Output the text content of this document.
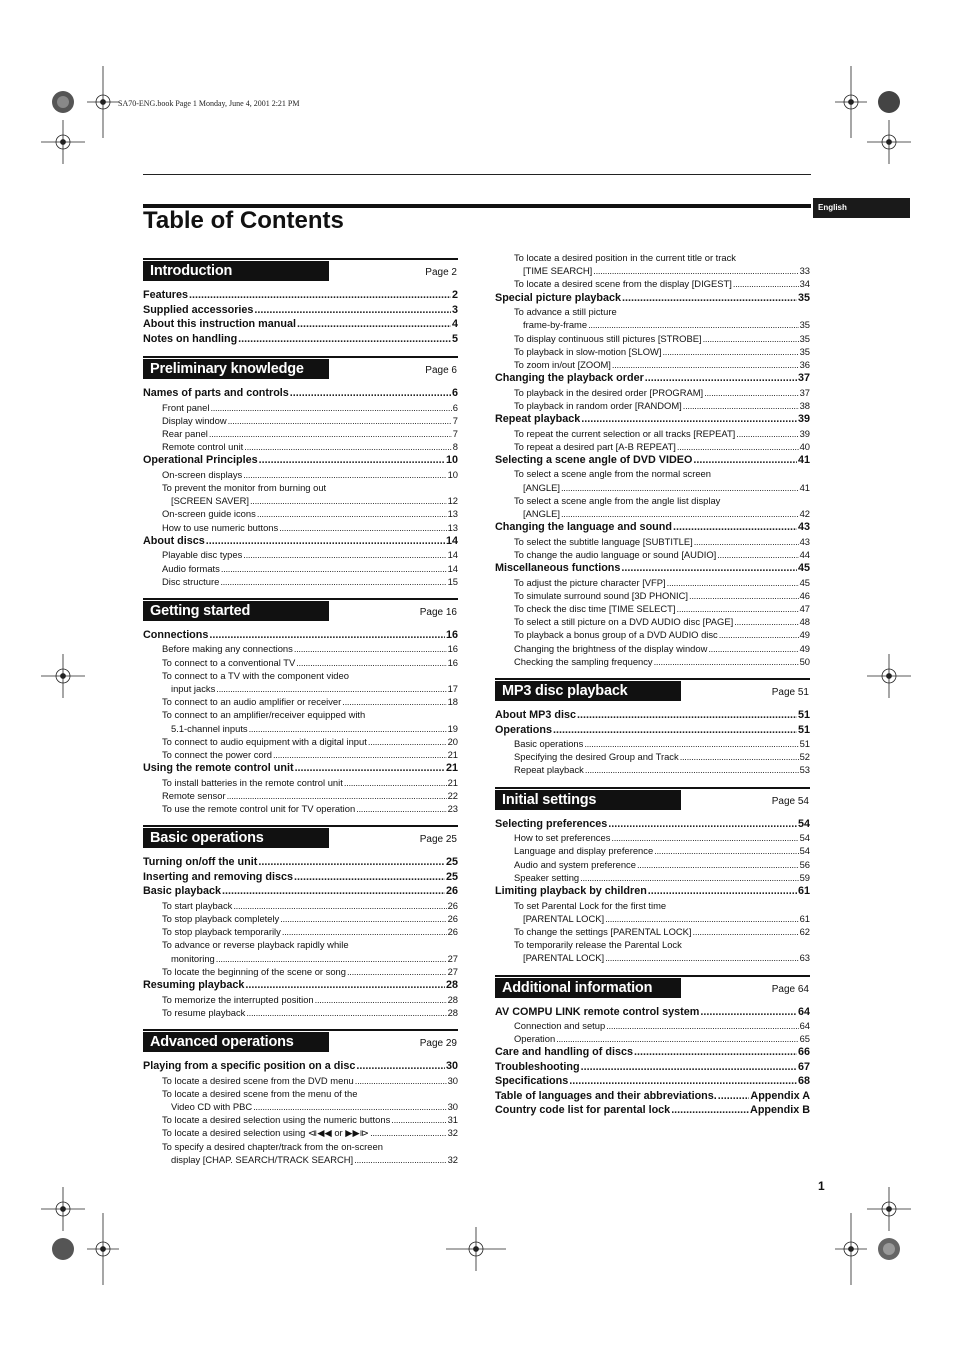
SA70-ENG.book Page 1 Monday, June 4, 2001 2:21 PM
English
Table of Contents
Introduction	Page 2
Features .....	2
Supplied accessories .....	3
About this instruction manual .....	4
Notes on handling .....	5
Preliminary knowledge	Page 6
Names of parts and controls .....	6
Front panel .....	6
Display window .....	7
Rear panel .....	7
Remote control unit .....	8
Operational Principles .....	10
On-screen displays .....	10
To prevent the monitor from burning out
[SCREEN SAVER] .....	12
On-screen guide icons .....	13
How to use numeric buttons .....	13
About discs .....	14
Playable disc types .....	14
Audio formats .....	14
Disc structure .....	15
Getting started	Page 16
Connections .....	16
Before making any connections .....	16
To connect to a conventional TV .....	16
To connect to a TV with the component video
input jacks .....	17
To connect to an audio amplifier or receiver .....	18
To connect to an amplifier/receiver equipped with
5.1-channel inputs .....	19
To connect to audio equipment with a digital input .....	20
To connect the power cord .....	21
Using the remote control unit .....	21
To install batteries in the remote control unit .....	21
Remote sensor .....	22
To use the remote control unit for TV operation .....	23
Basic operations	Page 25
Turning on/off the unit .....	25
Inserting and removing discs .....	25
Basic playback .....	26
To start playback .....	26
To stop playback completely .....	26
To stop playback temporarily .....	26
To advance or reverse playback rapidly while
monitoring .....	27
To locate the beginning of the scene or song .....	27
Resuming playback .....	28
To memorize the interrupted position .....	28
To resume playback .....	28
Advanced operations	Page 29
Playing from a specific position on a disc .....	30
To locate a desired scene from the DVD menu .....	30
To locate a desired scene from the menu of the
Video CD with PBC .....	30
To locate a desired selection using the numeric buttons .....	31
To locate a desired selection using ⧏◀◀ or ▶▶⧐ .....	32
To specify a desired chapter/track from the on-screen
display [CHAP. SEARCH/TRACK SEARCH] .....	32
To locate a desired position in the current title or track
[TIME SEARCH] .....	33
To locate a desired scene from the display [DIGEST] .....	34
Special picture playback .....	35
To advance a still picture
frame-by-frame .....	35
To display continuous still pictures [STROBE] .....	35
To playback in slow-motion [SLOW] .....	35
To zoom in/out [ZOOM] .....	36
Changing the playback order .....	37
To playback in the desired order [PROGRAM] .....	37
To playback in random order [RANDOM] .....	38
Repeat playback .....	39
To repeat the current selection or all tracks [REPEAT] .....	39
To repeat a desired part [A-B REPEAT] .....	40
Selecting a scene angle of DVD VIDEO .....	41
To select a scene angle from the normal screen
[ANGLE] .....	41
To select a scene angle from the angle list display
[ANGLE] .....	42
Changing the language and sound .....	43
To select the subtitle language [SUBTITLE] .....	43
To change the audio language or sound [AUDIO] .....	44
Miscellaneous functions .....	45
To adjust the picture character [VFP] .....	45
To simulate surround sound [3D PHONIC] .....	46
To check the disc time [TIME SELECT] .....	47
To select a still picture on a DVD AUDIO disc [PAGE] .....	48
To playback a bonus group of a DVD AUDIO disc .....	49
Changing the brightness of the display window .....	49
Checking the sampling frequency .....	50
MP3 disc playback	Page 51
About MP3 disc .....	51
Operations .....	51
Basic operations .....	51
Specifying the desired Group and Track .....	52
Repeat playback .....	53
Initial settings	Page 54
Selecting preferences .....	54
How to set preferences .....	54
Language and display preference .....	54
Audio and system preference .....	56
Speaker setting .....	59
Limiting playback by children .....	61
To set Parental Lock for the first time
[PARENTAL LOCK] .....	61
To change the settings [PARENTAL LOCK] .....	62
To temporarily release the Parental Lock
[PARENTAL LOCK] .....	63
Additional information	Page 64
AV COMPU LINK remote control system .....	64
Connection and setup .....	64
Operation .....	65
Care and handling of discs .....	66
Troubleshooting .....	67
Specifications .....	68
Table of languages and their abbreviations. .....	Appendix A
Country code list for parental lock .....	Appendix B
1
